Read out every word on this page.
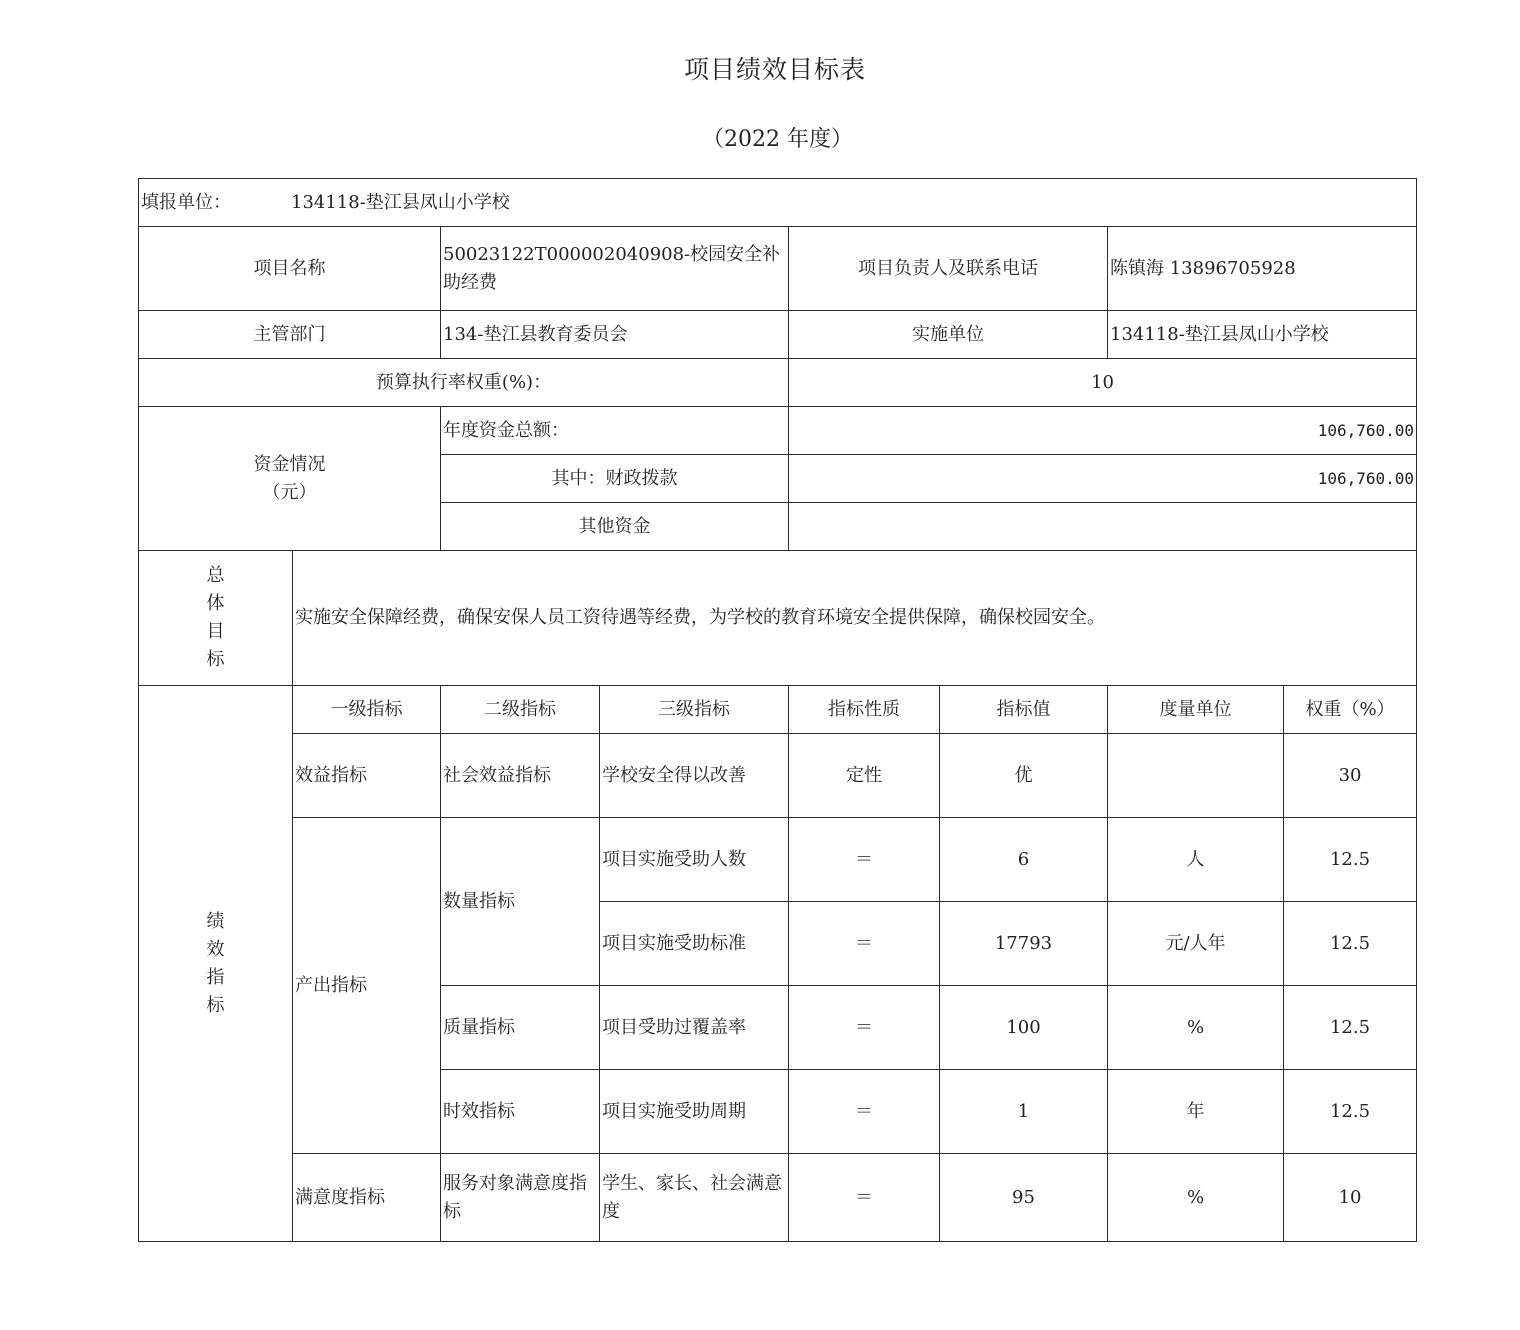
项目绩效目标表
（2022 年度）
填报单位： 134118-垫江县凤山小学校							
项目名称		50023122T000002040908-校园安全补助经费		项目负责人及联系电话		陈镇海 13896705928	
主管部门		134-垫江县教育委员会		实施单位		134118-垫江县凤山小学校	
预算执行率权重(%)：				10			

资金情况
（元）		年度资金总额：		106,760.00			
		其中：财政拨款		106,760.00			
		其他资金					

总
体
目
标	实施安全保障经费，确保安保人员工资待遇等经费，为学校的教育环境安全提供保障，确保校园安全。						

绩
效
指
标	一级指标	二级指标	三级指标	指标性质	指标值	度量单位	权重（%）
	效益指标	社会效益指标	学校安全得以改善	定性	优		30
	产出指标	数量指标	项目实施受助人数	＝	6	人	12.5
			项目实施受助标准	＝	17793	元/人年	12.5
		质量指标	项目受助过覆盖率	＝	100	%	12.5
		时效指标	项目实施受助周期	＝	1	年	12.5
	满意度指标	服务对象满意度指标	学生、家长、社会满意度	＝	95	%	10
